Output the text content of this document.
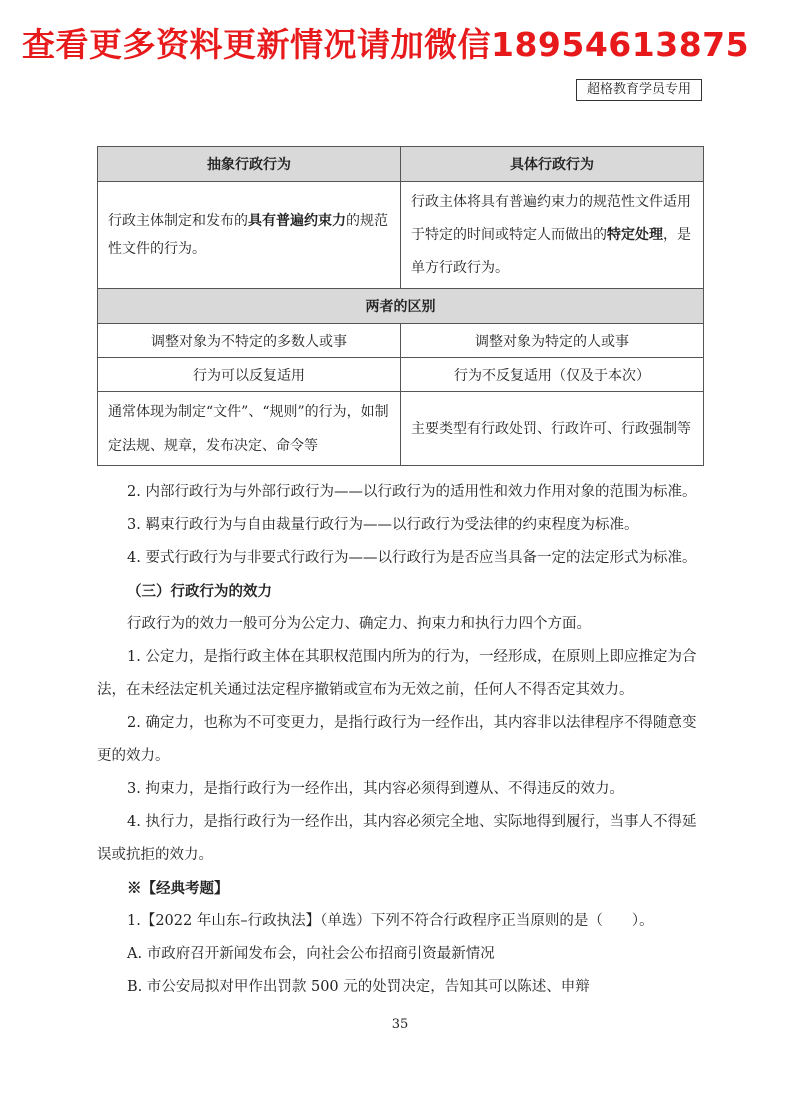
查看更多资料更新情况请加微信18954613875
超格教育学员专用
抽象行政行为	具体行政行为
行政主体制定和发布的具有普遍约束力的规范性文件的行为。	行政主体将具有普遍约束力的规范性文件适用于特定的时间或特定人而做出的特定处理，是单方行政行为。
两者的区别	
调整对象为不特定的多数人或事	调整对象为特定的人或事
行为可以反复适用	行为不反复适用（仅及于本次）
通常体现为制定“文件”、“规则”的行为，如制定法规、规章，发布决定、命令等	主要类型有行政处罚、行政许可、行政强制等

2. 内部行政行为与外部行政行为——以行政行为的适用性和效力作用对象的范围为标准。

3. 羁束行政行为与自由裁量行政行为——以行政行为受法律的约束程度为标准。

4. 要式行政行为与非要式行政行为——以行政行为是否应当具备一定的法定形式为标准。

（三）行政行为的效力

行政行为的效力一般可分为公定力、确定力、拘束力和执行力四个方面。

1. 公定力，是指行政主体在其职权范围内所为的行为，一经形成，在原则上即应推定为合法，在未经法定机关通过法定程序撤销或宣布为无效之前，任何人不得否定其效力。

2. 确定力，也称为不可变更力，是指行政行为一经作出，其内容非以法律程序不得随意变更的效力。

3. 拘束力，是指行政行为一经作出，其内容必须得到遵从、不得违反的效力。

4. 执行力，是指行政行为一经作出，其内容必须完全地、实际地得到履行，当事人不得延误或抗拒的效力。

※【经典考题】

1.【2022 年山东–行政执法】（单选）下列不符合行政程序正当原则的是（　　）。

A. 市政府召开新闻发布会，向社会公布招商引资最新情况

B. 市公安局拟对甲作出罚款 500 元的处罚决定，告知其可以陈述、申辩

35
